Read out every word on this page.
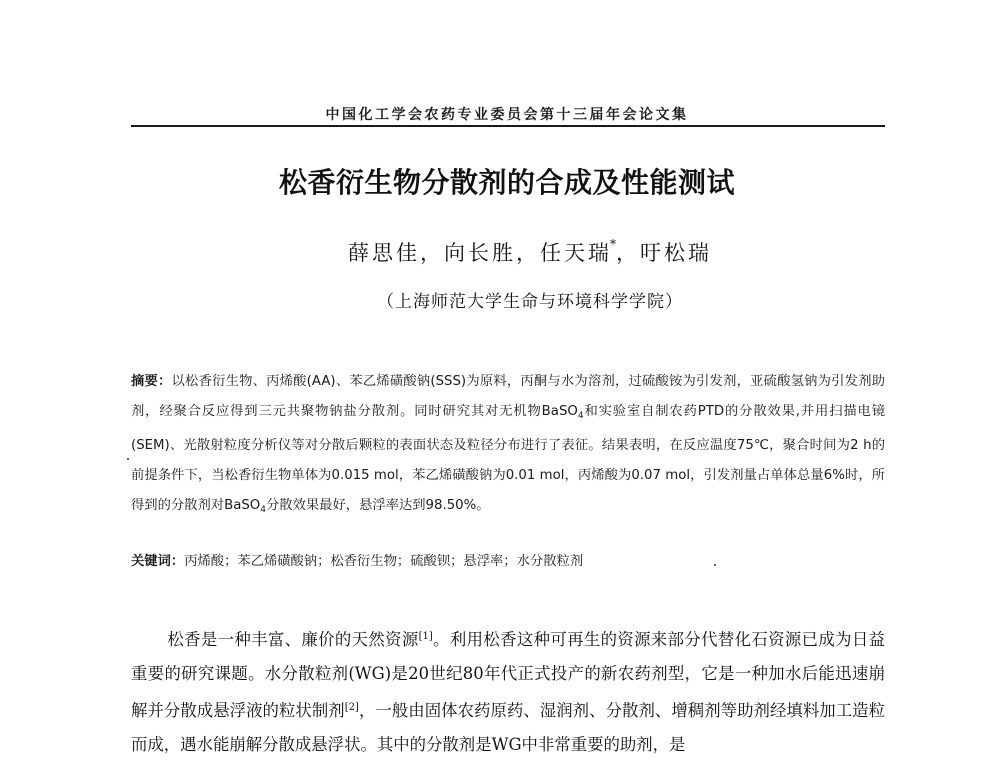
中国化工学会农药专业委员会第十三届年会论文集
松香衍生物分散剂的合成及性能测试
薛思佳，向长胜，任天瑞*，吁松瑞
（上海师范大学生命与环境科学学院）
摘要：以松香衍生物、丙烯酸(AA)、苯乙烯磺酸钠(SSS)为原料，丙酮与水为溶剂，过硫酸铵为引发剂，亚硫酸氢钠为引发剂助剂，经聚合反应得到三元共聚物钠盐分散剂。同时研究其对无机物BaSO$_4$和实验室自制农药PTD的分散效果,并用扫描电镜(SEM)、光散射粒度分析仪等对分散后颗粒的表面状态及粒径分布进行了表征。结果表明，在反应温度75℃，聚合时间为2 h的前提条件下，当松香衍生物单体为0.015 mol，苯乙烯磺酸钠为0.01 mol，丙烯酸为0.07 mol，引发剂量占单体总量6%时，所得到的分散剂对BaSO$_4$分散效果最好，悬浮率达到98.50%。
关键词：丙烯酸；苯乙烯磺酸钠；松香衍生物；硫酸钡；悬浮率；水分散粒剂
松香是一种丰富、廉价的天然资源[1]。利用松香这种可再生的资源来部分代替化石资源已成为日益重要的研究课题。水分散粒剂(WG)是20世纪80年代正式投产的新农药剂型，它是一种加水后能迅速崩解并分散成悬浮液的粒状制剂[2]，一般由固体农药原药、湿润剂、分散剂、增稠剂等助剂经填料加工造粒而成，遇水能崩解分散成悬浮状。其中的分散剂是WG中非常重要的助剂，是
